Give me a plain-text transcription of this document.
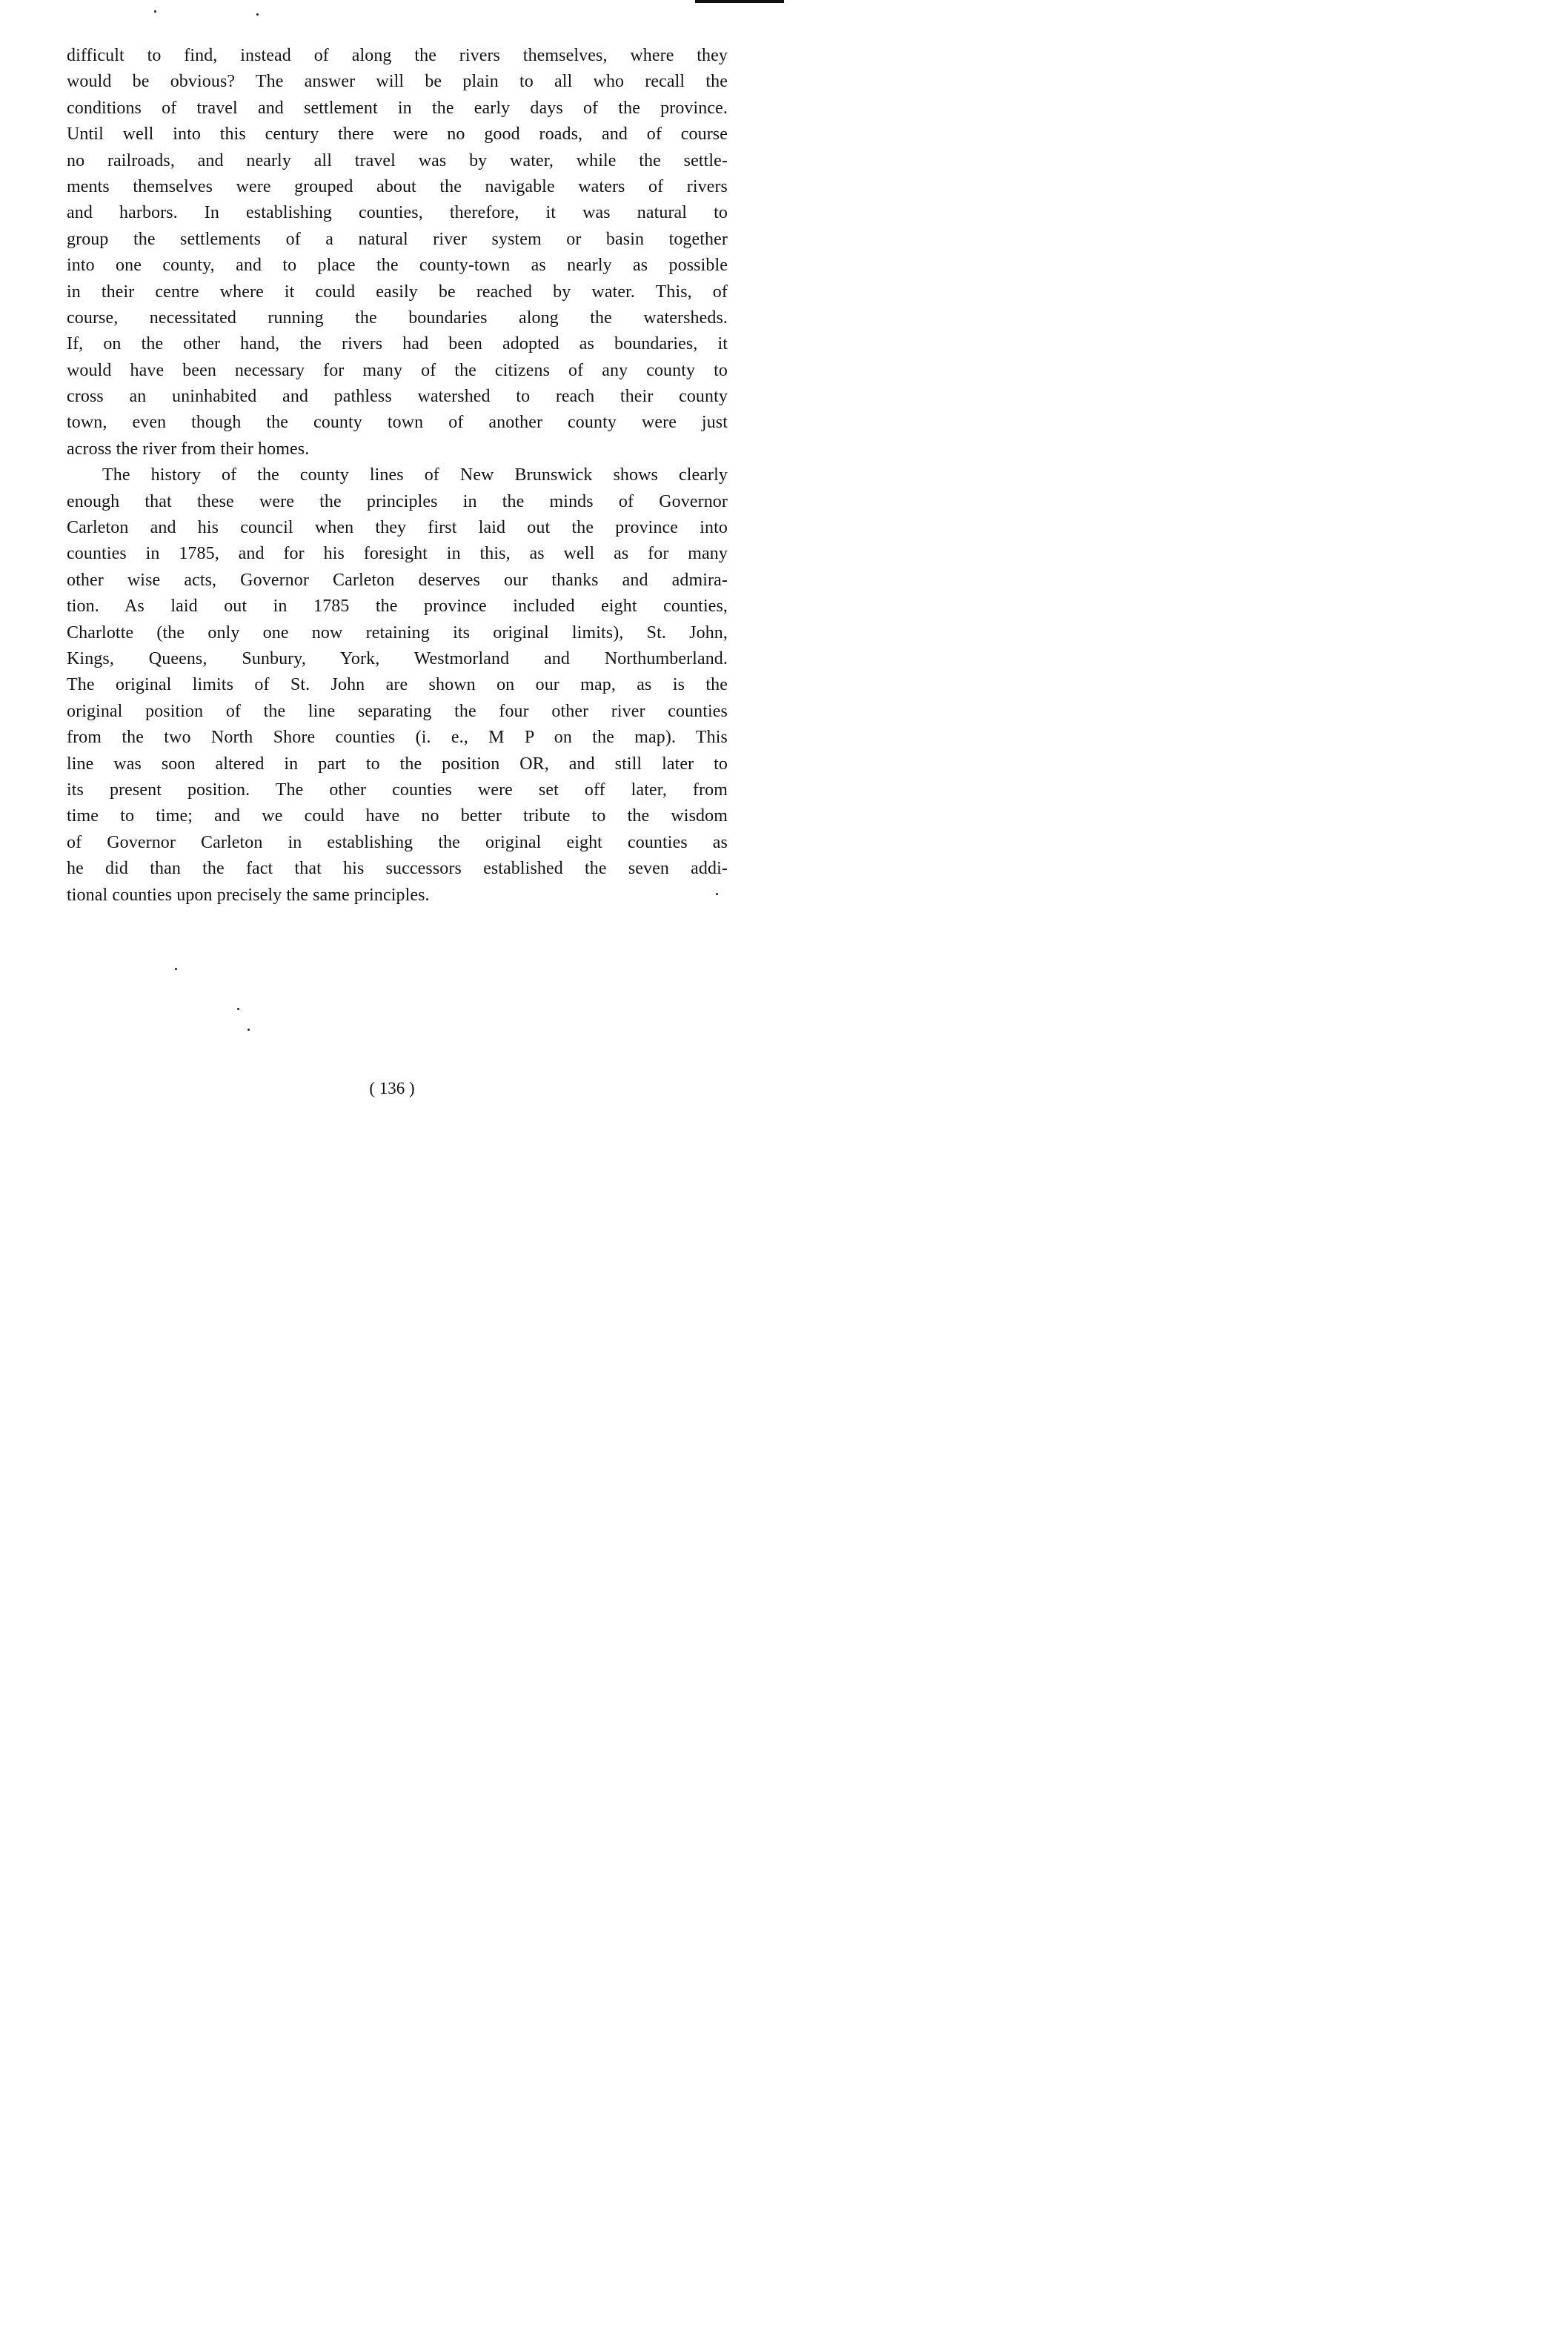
difficult to find, instead of along the rivers themselves, where they
would be obvious? The answer will be plain to all who recall the
conditions of travel and settlement in the early days of the province.
Until well into this century there were no good roads, and of course
no railroads, and nearly all travel was by water, while the settle-
ments themselves were grouped about the navigable waters of rivers
and harbors. In establishing counties, therefore, it was natural to
group the settlements of a natural river system or basin together
into one county, and to place the county-town as nearly as possible
in their centre where it could easily be reached by water. This, of
course, necessitated running the boundaries along the watersheds.
If, on the other hand, the rivers had been adopted as boundaries, it
would have been necessary for many of the citizens of any county to
cross an uninhabited and pathless watershed to reach their county
town, even though the county town of another county were just
across the river from their homes.
The history of the county lines of New Brunswick shows clearly
enough that these were the principles in the minds of Governor
Carleton and his council when they first laid out the province into
counties in 1785, and for his foresight in this, as well as for many
other wise acts, Governor Carleton deserves our thanks and admira-
tion. As laid out in 1785 the province included eight counties,
Charlotte (the only one now retaining its original limits), St. John,
Kings, Queens, Sunbury, York, Westmorland and Northumberland.
The original limits of St. John are shown on our map, as is the
original position of the line separating the four other river counties
from the two North Shore counties (i. e., M P on the map). This
line was soon altered in part to the position OR, and still later to
its present position. The other counties were set off later, from
time to time; and we could have no better tribute to the wisdom
of Governor Carleton in establishing the original eight counties as
he did than the fact that his successors established the seven addi-
tional counties upon precisely the same principles.
( 136 )
